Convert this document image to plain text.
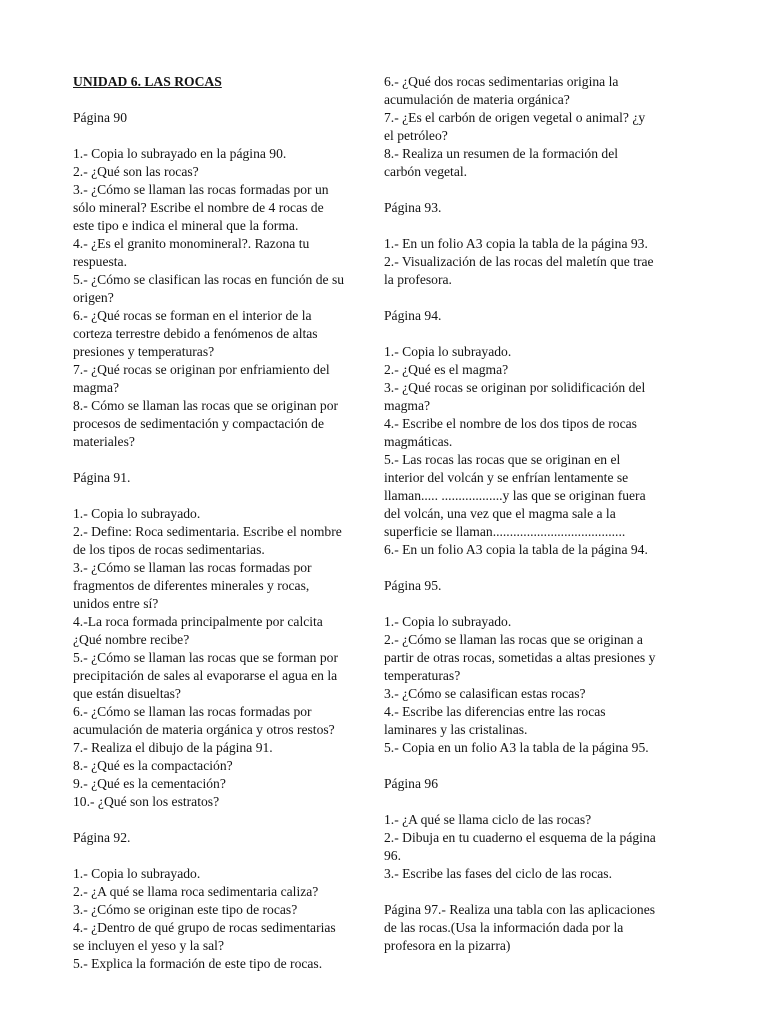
UNIDAD 6. LAS ROCAS
Página 90
1.- Copia lo subrayado en la página 90.
2.- ¿Qué son las rocas?
3.- ¿Cómo se llaman las rocas formadas por un
sólo mineral? Escribe el nombre de 4 rocas de
este tipo e indica el mineral que la forma.
4.- ¿Es el granito monomineral?. Razona tu
respuesta.
5.- ¿Cómo se clasifican las rocas en función de su
origen?
6.- ¿Qué rocas se forman en el interior de la
corteza terrestre debido a fenómenos de altas
presiones y temperaturas?
7.- ¿Qué rocas se originan por enfriamiento del
magma?
8.- Cómo se llaman las rocas que se originan por
procesos de sedimentación y compactación de
materiales?
Página 91.
1.- Copia lo subrayado.
2.- Define: Roca sedimentaria. Escribe el nombre
de los tipos de rocas sedimentarias.
3.- ¿Cómo se llaman las rocas formadas por
fragmentos de diferentes minerales y rocas,
unidos entre sí?
4.-La roca formada principalmente por calcita
¿Qué nombre recibe?
5.- ¿Cómo se llaman las rocas que se forman por
precipitación de sales al evaporarse el agua en la
que están disueltas?
6.- ¿Cómo se llaman las rocas formadas por
acumulación de materia orgánica y otros restos?
7.- Realiza el dibujo de la página 91.
8.- ¿Qué es la compactación?
9.- ¿Qué es la cementación?
10.- ¿Qué son los estratos?
Página 92.
1.- Copia lo subrayado.
2.- ¿A qué se llama roca sedimentaria caliza?
3.- ¿Cómo se originan este tipo de rocas?
4.- ¿Dentro de qué grupo de rocas sedimentarias
se incluyen el yeso y la sal?
5.- Explica la formación de este tipo de rocas.
6.- ¿Qué dos rocas sedimentarias origina la
acumulación de materia orgánica?
7.- ¿Es el carbón de origen vegetal o animal? ¿y
el petróleo?
8.- Realiza un resumen de la formación del
carbón vegetal.
Página 93.
1.- En un folio A3 copia la tabla de la página 93.
2.- Visualización de las rocas del maletín que trae
la profesora.
Página 94.
1.- Copia lo subrayado.
2.- ¿Qué es el magma?
3.- ¿Qué rocas se originan por solidificación del
magma?
4.- Escribe el nombre de los dos tipos de rocas
magmáticas.
5.- Las rocas las rocas que se originan en el
interior del volcán y se enfrían lentamente se
llaman..... ..................y las que se originan fuera
del volcán, una vez que el magma sale a la
superficie se llaman.......................................
6.- En un folio A3 copia la tabla de la página 94.
Página 95.
1.- Copia lo subrayado.
2.- ¿Cómo se llaman las rocas que se originan a
partir de otras rocas, sometidas a altas presiones y
temperaturas?
3.- ¿Cómo se calasifican estas rocas?
4.- Escribe las diferencias entre las rocas
laminares y las cristalinas.
5.- Copia en un folio A3 la tabla de la página 95.
Página 96
1.- ¿A qué se llama ciclo de las rocas?
2.- Dibuja en tu cuaderno el esquema de la página
96.
3.- Escribe las fases del ciclo de las rocas.
Página 97.- Realiza una tabla con las aplicaciones
de las rocas.(Usa la información dada por la
profesora en la pizarra)
